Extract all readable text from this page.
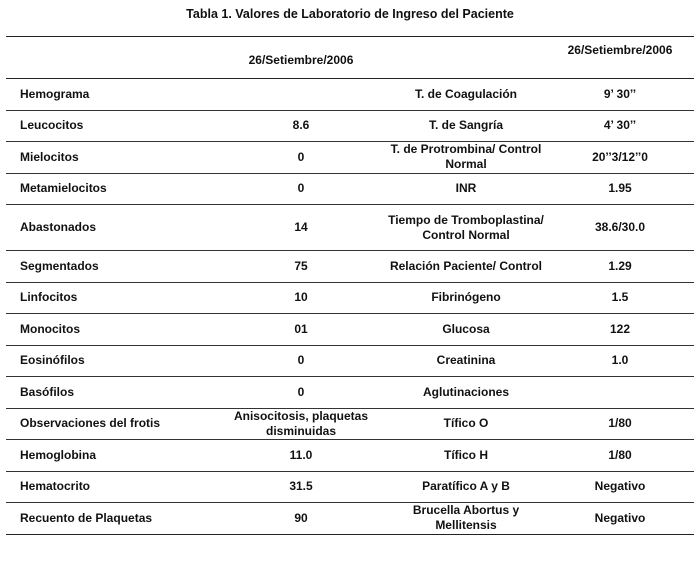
Tabla 1. Valores de Laboratorio de Ingreso del Paciente
	26/Setiembre/2006		26/Setiembre/2006
Hemograma		T. de Coagulación	9’ 30’’
Leucocitos	8.6	T. de Sangría	4’ 30’’
Mielocitos	0	T. de Protrombina/ Control Normal	20’’3/12’’0
Metamielocitos	0	INR	1.95
Abastonados	14	Tiempo de Tromboplastina/ Control Normal	38.6/30.0
Segmentados	75	Relación Paciente/ Control	1.29
Linfocitos	10	Fibrinógeno	1.5
Monocitos	01	Glucosa	122
Eosinófilos	0	Creatinina	1.0
Basófilos	0	Aglutinaciones	
Observaciones del frotis	Anisocitosis, plaquetas disminuidas	Tífico O	1/80
Hemoglobina	11.0	Tífico H	1/80
Hematocrito	31.5	Paratífico A y B	Negativo
Recuento de Plaquetas	90	Brucella Abortus y Mellitensis	Negativo
